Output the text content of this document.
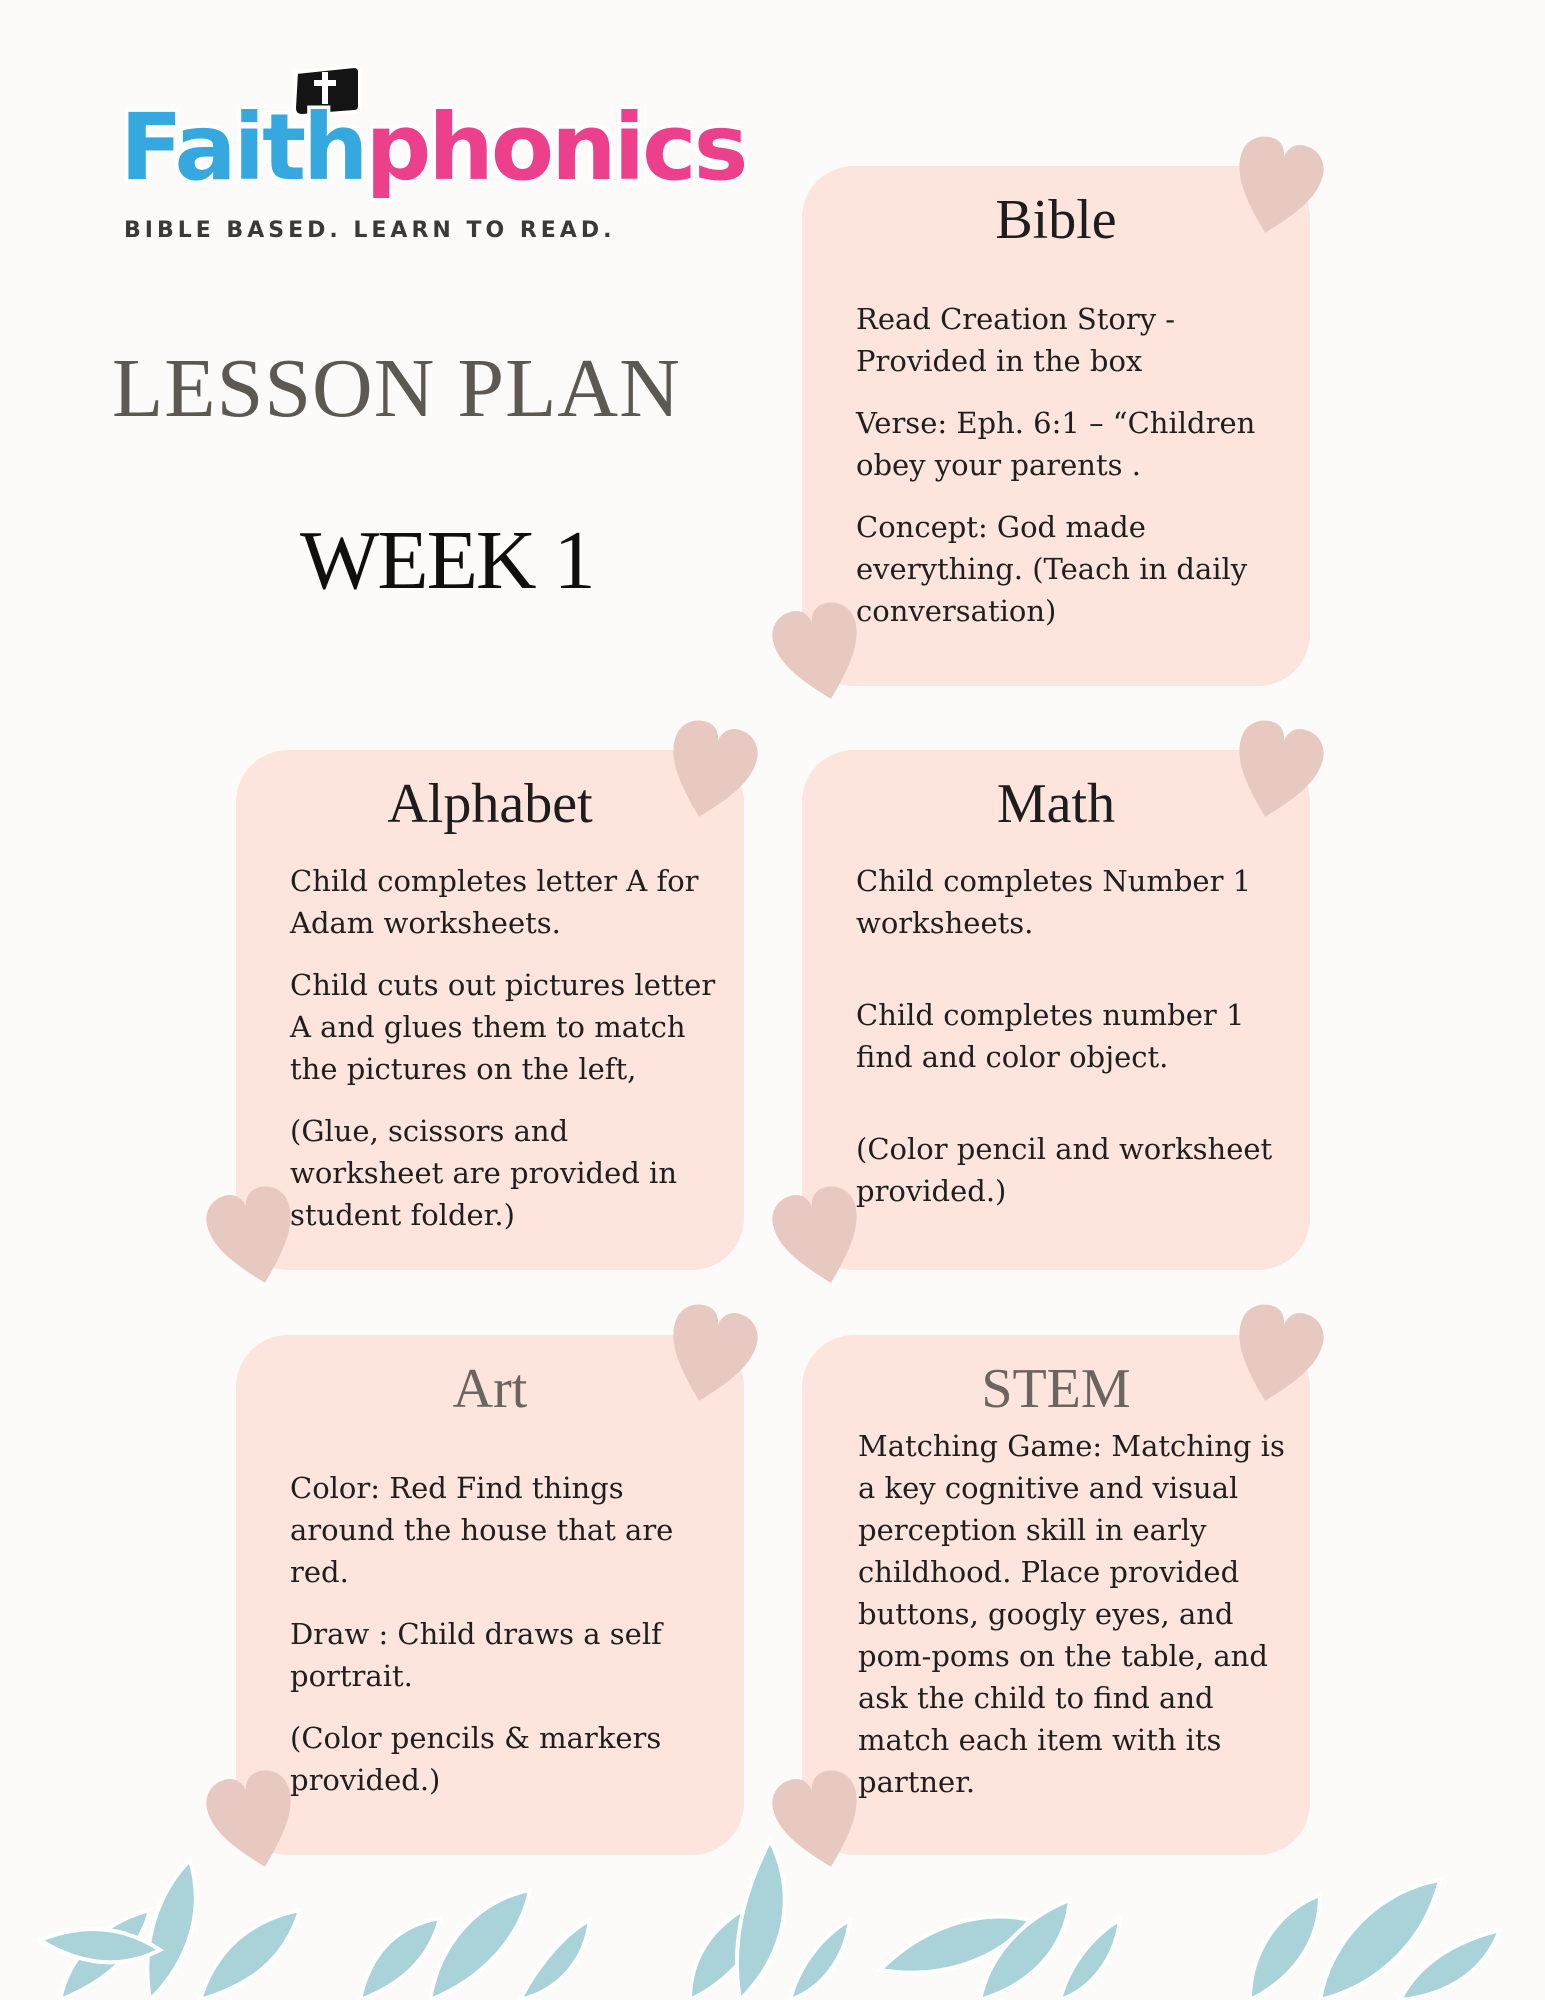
Faithphonics
BIBLE BASED. LEARN TO READ.
LESSON PLAN
WEEK 1
Bible

Read Creation Story - Provided in the box

Verse: Eph. 6:1 – “Children obey your parents .

Concept: God made everything. (Teach in daily conversation)

Alphabet

Child completes letter A for Adam worksheets.

Child cuts out pictures letter A and glues them to match the pictures on the left,

(Glue, scissors and worksheet are provided in student folder.)

Math

Child completes Number 1 worksheets.

Child completes number 1 find and color object.

(Color pencil and worksheet provided.)

Art

Color: Red Find things around the house that are red.

Draw : Child draws a self portrait.

(Color pencils & markers provided.)

STEM

Matching Game: Matching is a key cognitive and visual perception skill in early childhood. Place provided buttons, googly eyes, and pom-poms on the table, and ask the child to find and match each item with its partner.
